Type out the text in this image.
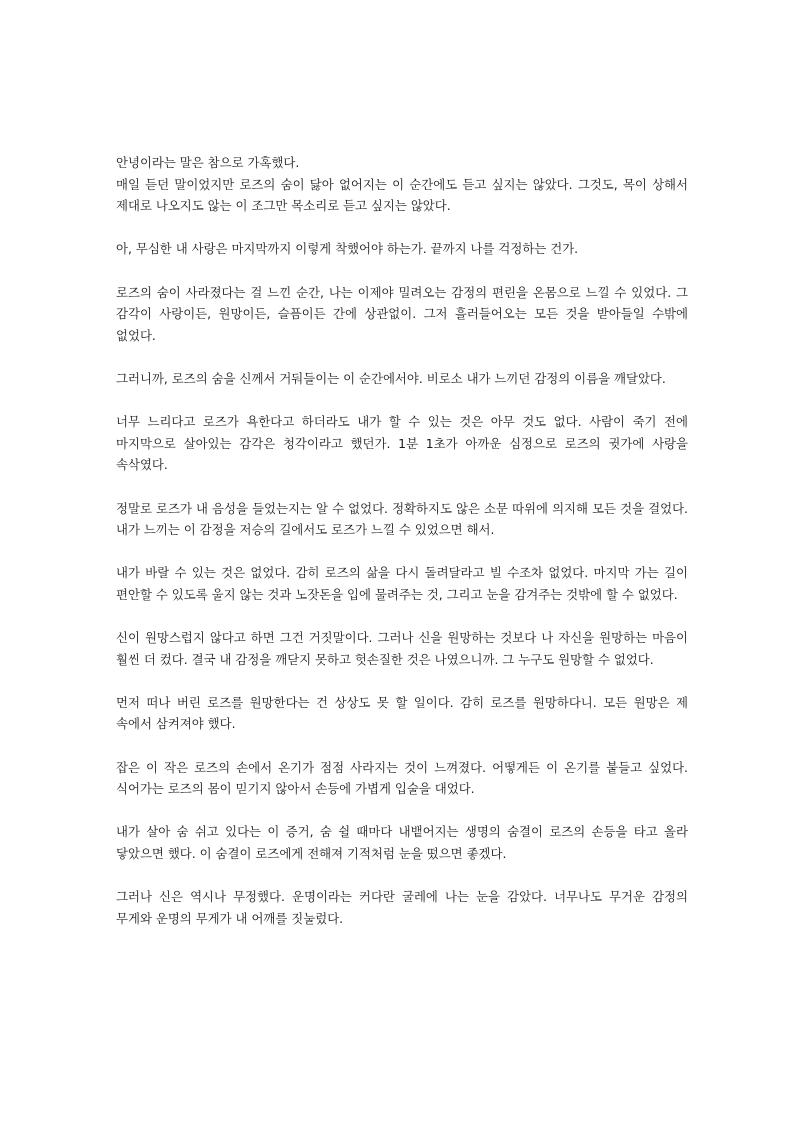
안녕이라는 말은 참으로 가혹했다.

매일 듣던 말이었지만 로즈의 숨이 닳아 없어지는 이 순간에도 듣고 싶지는 않았다. 그것도, 목이 상해서 제대로 나오지도 않는 이 조그만 목소리로 듣고 싶지는 않았다.

아, 무심한 내 사랑은 마지막까지 이렇게 착했어야 하는가. 끝까지 나를 걱정하는 건가.

로즈의 숨이 사라졌다는 걸 느낀 순간, 나는 이제야 밀려오는 감정의 편린을 온몸으로 느낄 수 있었다. 그 감각이 사랑이든, 원망이든, 슬픔이든 간에 상관없이. 그저 흘러들어오는 모든 것을 받아들일 수밖에 없었다.

그러니까, 로즈의 숨을 신께서 거둬들이는 이 순간에서야. 비로소 내가 느끼던 감정의 이름을 깨달았다.

너무 느리다고 로즈가 욕한다고 하더라도 내가 할 수 있는 것은 아무 것도 없다. 사람이 죽기 전에 마지막으로 살아있는 감각은 청각이라고 했던가. 1분 1초가 아까운 심정으로 로즈의 귓가에 사랑을 속삭였다.

정말로 로즈가 내 음성을 들었는지는 알 수 없었다. 정확하지도 않은 소문 따위에 의지해 모든 것을 걸었다. 내가 느끼는 이 감정을 저승의 길에서도 로즈가 느낄 수 있었으면 해서.

내가 바랄 수 있는 것은 없었다. 감히 로즈의 삶을 다시 돌려달라고 빌 수조차 없었다. 마지막 가는 길이 편안할 수 있도록 울지 않는 것과 노잣돈을 입에 물려주는 것, 그리고 눈을 감겨주는 것밖에 할 수 없었다.

신이 원망스럽지 않다고 하면 그건 거짓말이다. 그러나 신을 원망하는 것보다 나 자신을 원망하는 마음이 훨씬 더 컸다. 결국 내 감정을 깨닫지 못하고 헛손질한 것은 나였으니까. 그 누구도 원망할 수 없었다.

먼저 떠나 버린 로즈를 원망한다는 건 상상도 못 할 일이다. 감히 로즈를 원망하다니. 모든 원망은 제 속에서 삼켜져야 했다.

잡은 이 작은 로즈의 손에서 온기가 점점 사라지는 것이 느껴졌다. 어떻게든 이 온기를 붙들고 싶었다. 식어가는 로즈의 몸이 믿기지 않아서 손등에 가볍게 입술을 대었다.

내가 살아 숨 쉬고 있다는 이 증거, 숨 쉴 때마다 내뱉어지는 생명의 숨결이 로즈의 손등을 타고 올라 닿았으면 했다. 이 숨결이 로즈에게 전해져 기적처럼 눈을 떴으면 좋겠다.

그러나 신은 역시나 무정했다. 운명이라는 커다란 굴레에 나는 눈을 감았다. 너무나도 무거운 감정의 무게와 운명의 무게가 내 어깨를 짓눌렀다.
